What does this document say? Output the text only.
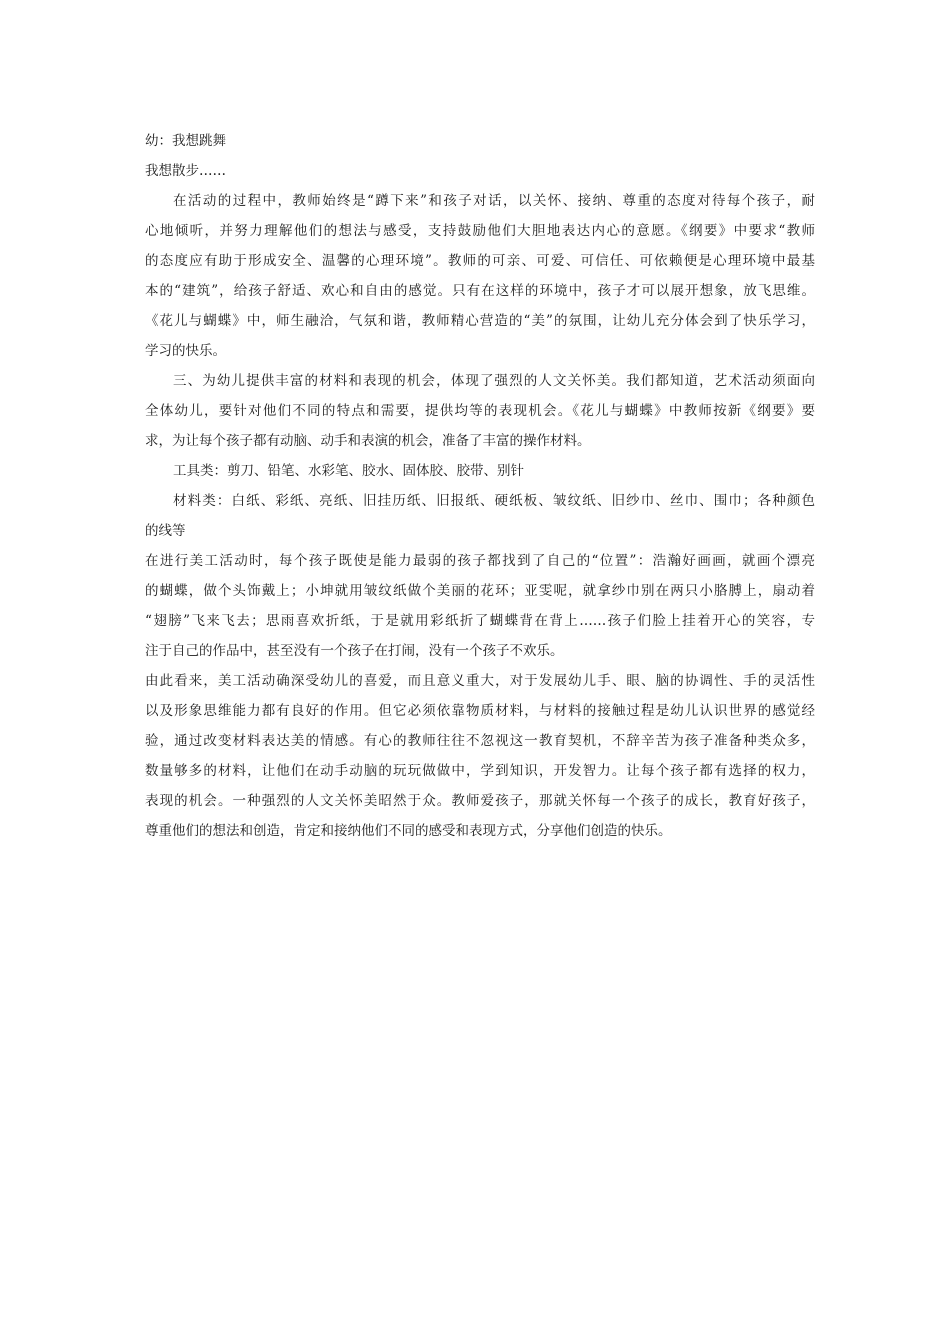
幼：我想跳舞
我想散步……
在活动的过程中，教师始终是“蹲下来”和孩子对话，以关怀、接纳、尊重的态度对待每个孩子，耐
心地倾听，并努力理解他们的想法与感受，支持鼓励他们大胆地表达内心的意愿。《纲要》中要求“教师
的态度应有助于形成安全、温馨的心理环境”。教师的可亲、可爱、可信任、可依赖便是心理环境中最基
本的“建筑”，给孩子舒适、欢心和自由的感觉。只有在这样的环境中，孩子才可以展开想象，放飞思维。
《花儿与蝴蝶》中，师生融洽，气氛和谐，教师精心营造的“美”的氛围，让幼儿充分体会到了快乐学习，
学习的快乐。
三、为幼儿提供丰富的材料和表现的机会，体现了强烈的人文关怀美。我们都知道，艺术活动须面向
全体幼儿，要针对他们不同的特点和需要，提供均等的表现机会。《花儿与蝴蝶》中教师按新《纲要》要
求，为让每个孩子都有动脑、动手和表演的机会，准备了丰富的操作材料。
工具类：剪刀、铅笔、水彩笔、胶水、固体胶、胶带、别针
材料类：白纸、彩纸、亮纸、旧挂历纸、旧报纸、硬纸板、皱纹纸、旧纱巾、丝巾、围巾；各种颜色
的线等
在进行美工活动时，每个孩子既使是能力最弱的孩子都找到了自己的“位置”：浩瀚好画画，就画个漂亮
的蝴蝶，做个头饰戴上；小坤就用皱纹纸做个美丽的花环；亚雯呢，就拿纱巾别在两只小胳膊上，扇动着
“翅膀”飞来飞去；思雨喜欢折纸，于是就用彩纸折了蝴蝶背在背上……孩子们脸上挂着开心的笑容，专
注于自己的作品中，甚至没有一个孩子在打闹，没有一个孩子不欢乐。
由此看来，美工活动确深受幼儿的喜爱，而且意义重大，对于发展幼儿手、眼、脑的协调性、手的灵活性
以及形象思维能力都有良好的作用。但它必须依靠物质材料，与材料的接触过程是幼儿认识世界的感觉经
验，通过改变材料表达美的情感。有心的教师往往不忽视这一教育契机，不辞辛苦为孩子准备种类众多，
数量够多的材料，让他们在动手动脑的玩玩做做中，学到知识，开发智力。让每个孩子都有选择的权力，
表现的机会。一种强烈的人文关怀美昭然于众。教师爱孩子，那就关怀每一个孩子的成长，教育好孩子，
尊重他们的想法和创造，肯定和接纳他们不同的感受和表现方式，分享他们创造的快乐。
